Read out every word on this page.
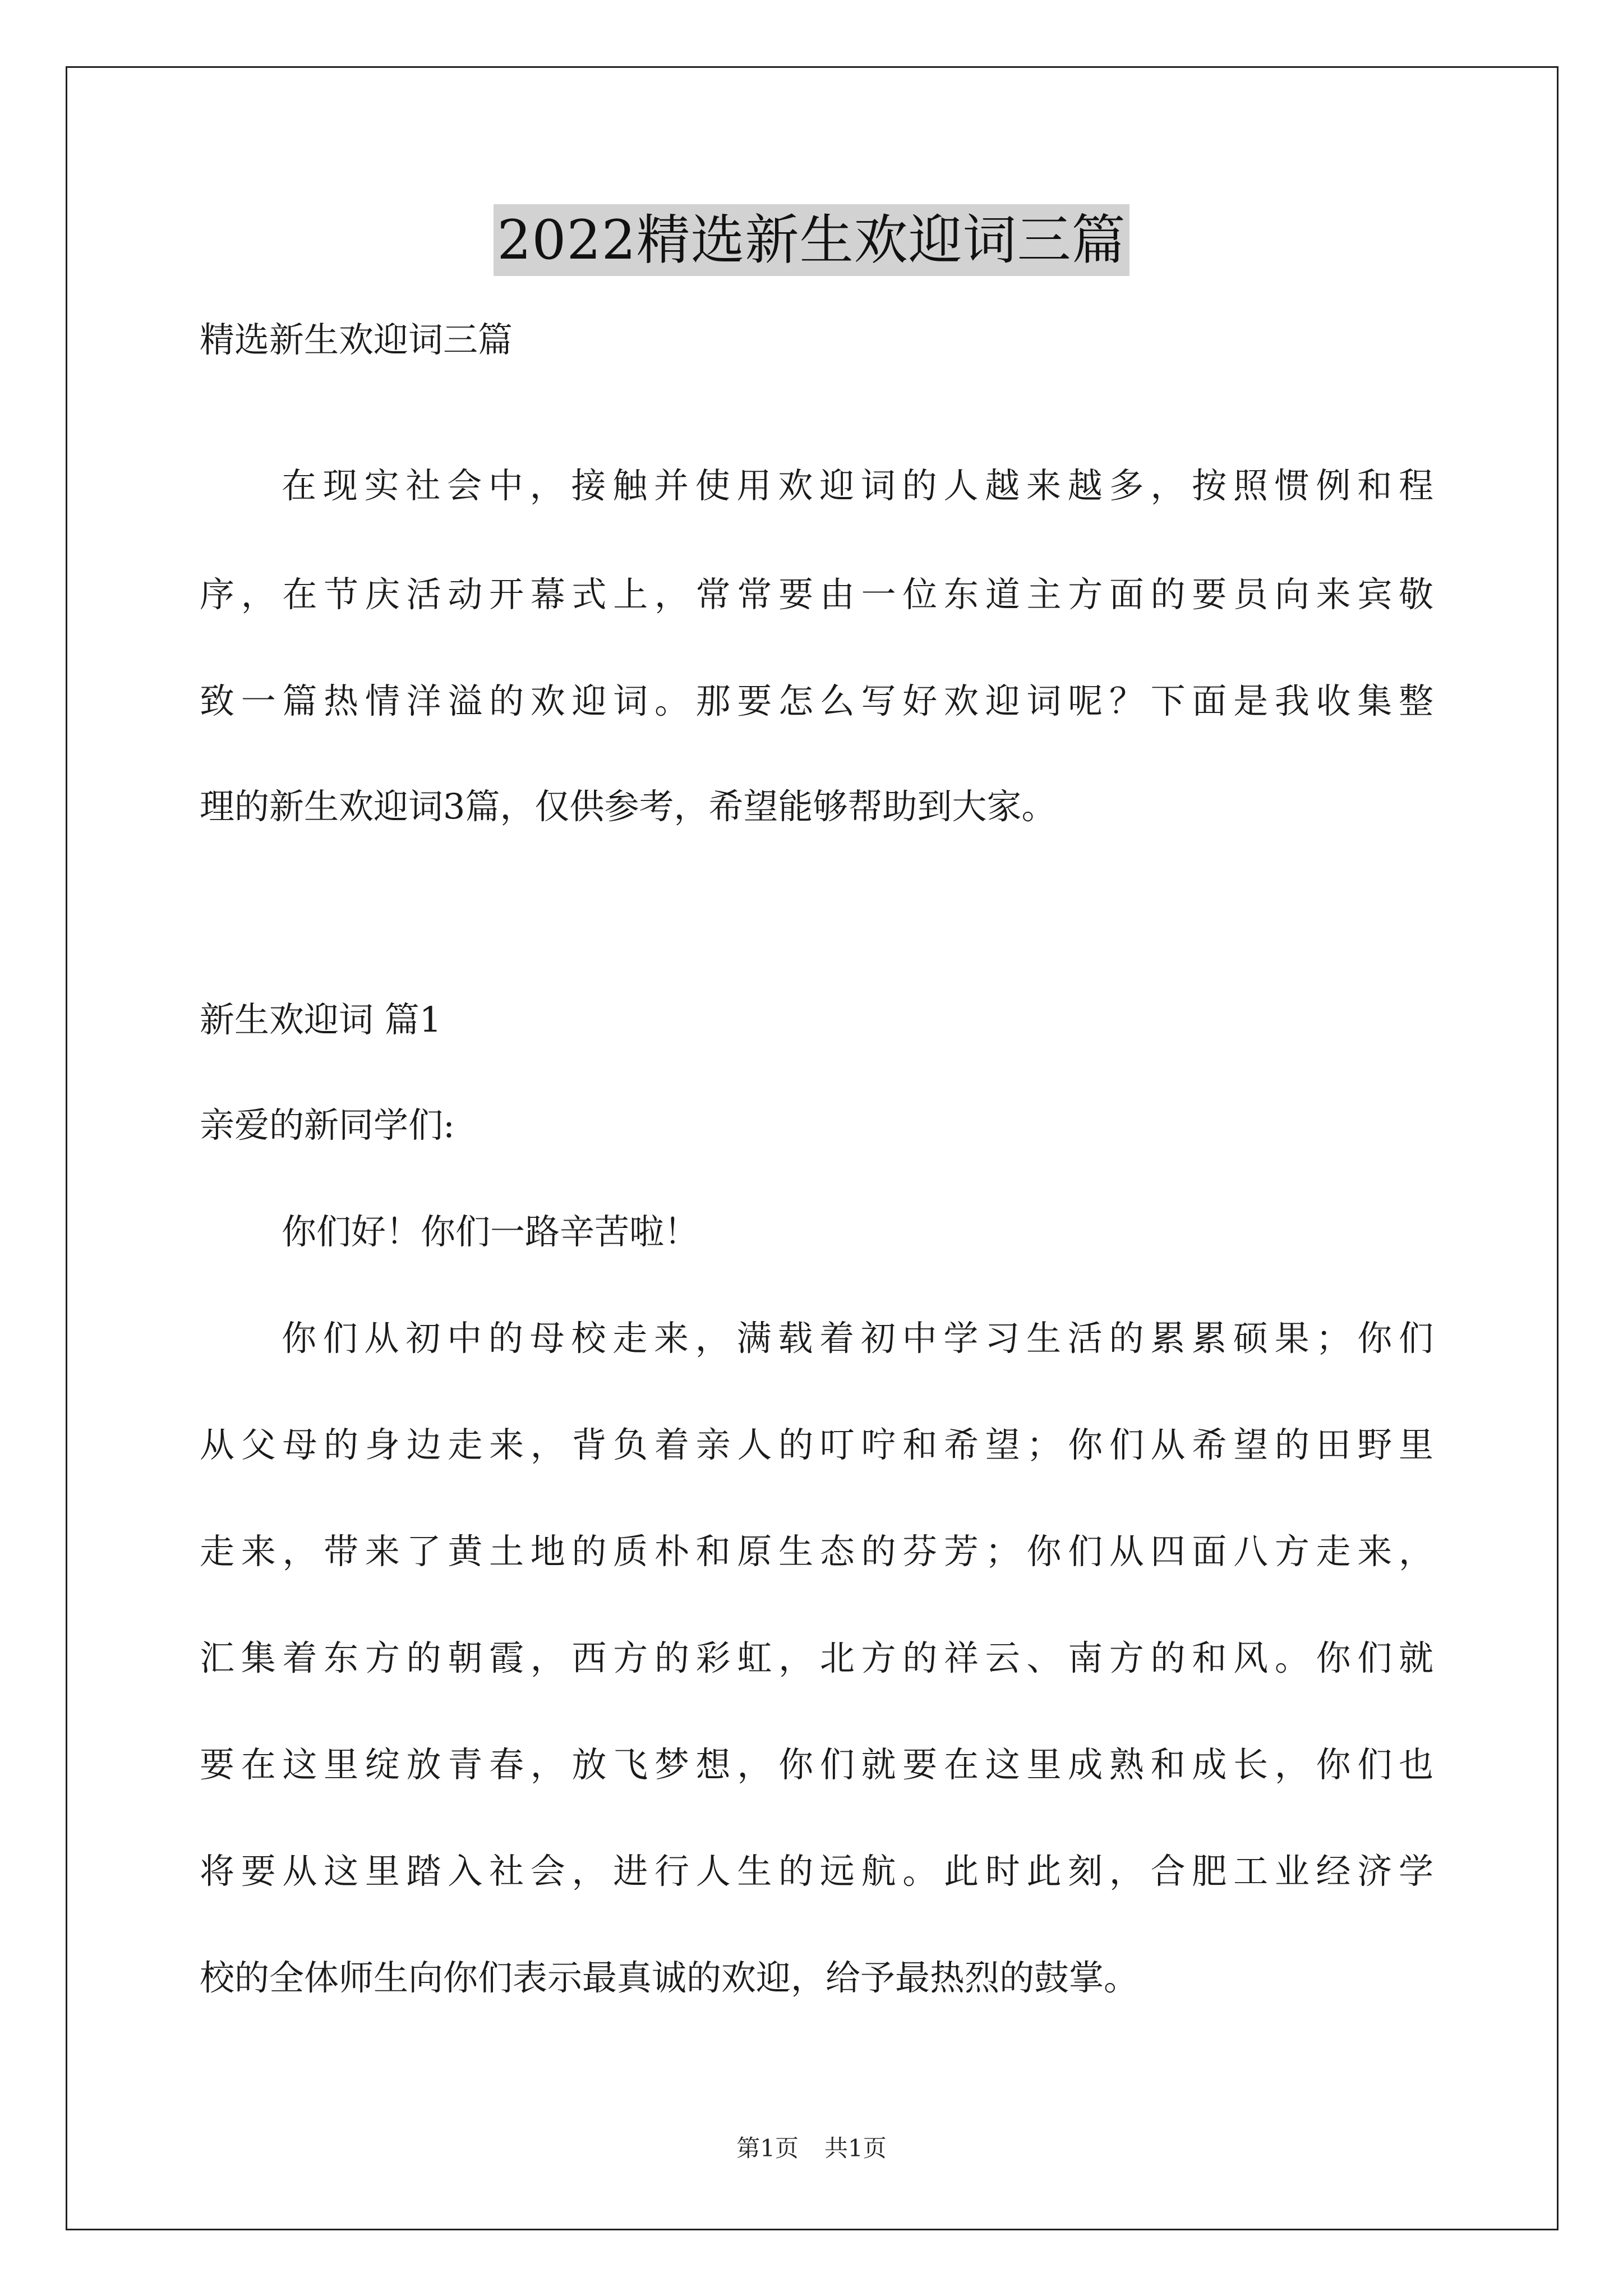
2022精选新生欢迎词三篇
精选新生欢迎词三篇
在现实社会中，接触并使用欢迎词的人越来越多，按照惯例和程
序，在节庆活动开幕式上，常常要由一位东道主方面的要员向来宾敬
致一篇热情洋溢的欢迎词。那要怎么写好欢迎词呢？下面是我收集整
理的新生欢迎词3篇，仅供参考，希望能够帮助到大家。
新生欢迎词 篇1
亲爱的新同学们:
你们好！你们一路辛苦啦！
你们从初中的母校走来，满载着初中学习生活的累累硕果；你们
从父母的身边走来，背负着亲人的叮咛和希望；你们从希望的田野里
走来，带来了黄土地的质朴和原生态的芬芳；你们从四面八方走来，
汇集着东方的朝霞，西方的彩虹，北方的祥云、南方的和风。你们就
要在这里绽放青春，放飞梦想，你们就要在这里成熟和成长，你们也
将要从这里踏入社会，进行人生的远航。此时此刻，合肥工业经济学
校的全体师生向你们表示最真诚的欢迎，给予最热烈的鼓掌。
第1页 共1页
